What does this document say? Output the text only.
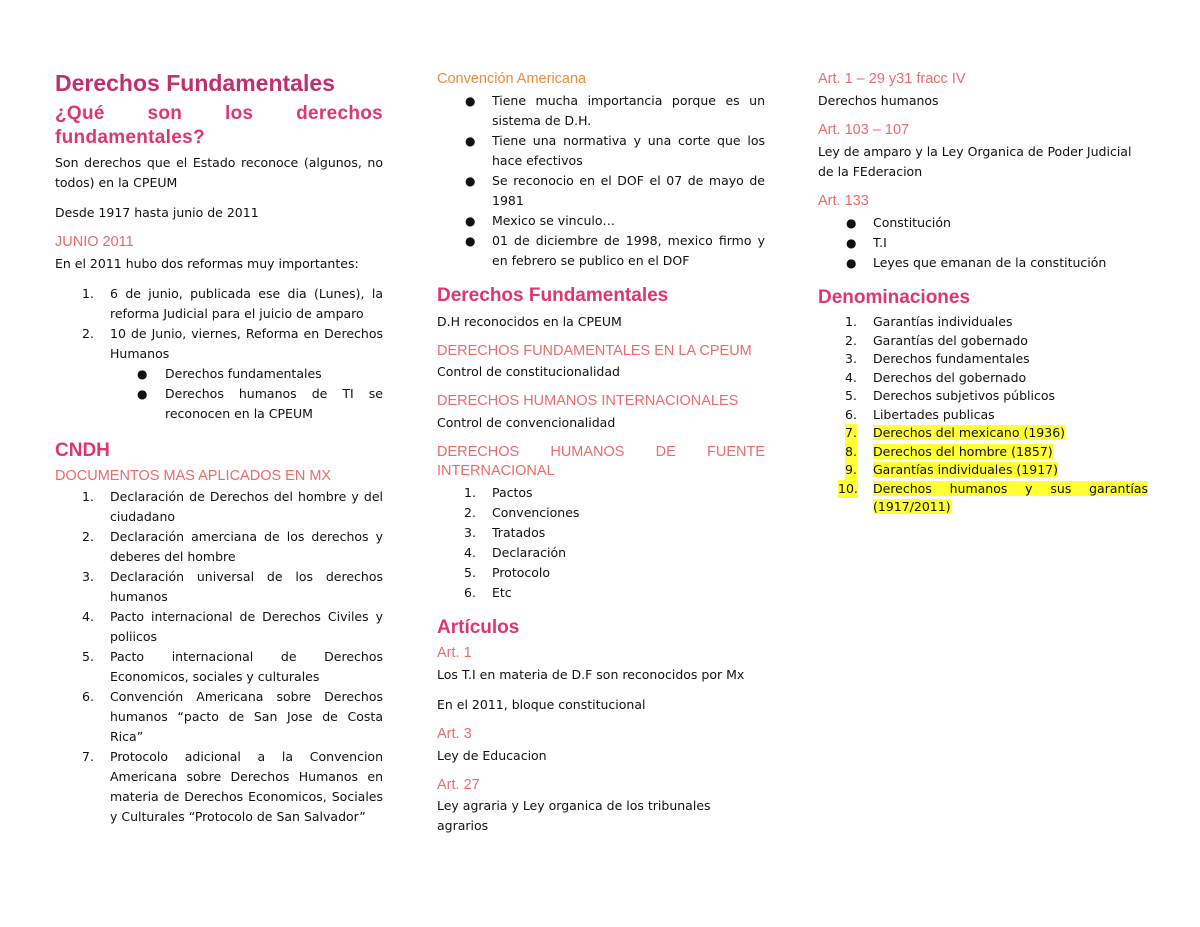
Derechos Fundamentales
¿Qué son los derechos
fundamentales?

Son derechos que el Estado reconoce (algunos, no todos) en la CPEUM

Desde 1917 hasta junio de 2011

JUNIO 2011

En el 2011 hubo dos reformas muy importantes:

1. 6 de junio, publicada ese dia (Lunes), la reforma Judicial para el juicio de amparo
2. 10 de Junio, viernes, Reforma en Derechos Humanos
● Derechos fundamentales
● Derechos humanos de TI se reconocen en la CPEUM
CNDH
DOCUMENTOS MAS APLICADOS EN MX
1. Declaración de Derechos del hombre y del ciudadano
2. Declaración amerciana de los derechos y deberes del hombre
3. Declaración universal de los derechos humanos
4. Pacto internacional de Derechos Civiles y poliicos
5. Pacto internacional de Derechos Economicos, sociales y culturales
6. Convención Americana sobre Derechos humanos “pacto de San Jose de Costa Rica”
7. Protocolo adicional a la Convencion Americana sobre Derechos Humanos en materia de Derechos Economicos, Sociales y Culturales “Protocolo de San Salvador”
Convención Americana
● Tiene mucha importancia porque es un sistema de D.H.
● Tiene una normativa y una corte que los hace efectivos
● Se reconocio en el DOF el 07 de mayo de 1981
● Mexico se vinculo…
● 01 de diciembre de 1998, mexico firmo y en febrero se publico en el DOF
Derechos Fundamentales

D.H reconocidos en la CPEUM

DERECHOS FUNDAMENTALES EN LA CPEUM

Control de constitucionalidad

DERECHOS HUMANOS INTERNACIONALES

Control de convencionalidad

DERECHOS HUMANOS DE FUENTE INTERNACIONAL
1. Pactos
2. Convenciones
3. Tratados
4. Declaración
5. Protocolo
6. Etc
Artículos
Art. 1

Los T.I en materia de D.F son reconocidos por Mx

En el 2011, bloque constitucional

Art. 3

Ley de Educacion

Art. 27

Ley agraria y Ley organica de los tribunales agrarios

Art. 1 – 29 y31 fracc IV

Derechos humanos

Art. 103 – 107

Ley de amparo y la Ley Organica de Poder Judicial de la FEderacion

Art. 133
● Constitución
● T.I
● Leyes que emanan de la constitución
Denominaciones
1. Garantías individuales
2. Garantías del gobernado
3. Derechos fundamentales
4. Derechos del gobernado
5. Derechos subjetivos públicos
6. Libertades publicas
7. Derechos del mexicano (1936)
8. Derechos del hombre (1857)
9. Garantías individuales (1917)
10. Derechos humanos y sus garantías (1917/2011)
